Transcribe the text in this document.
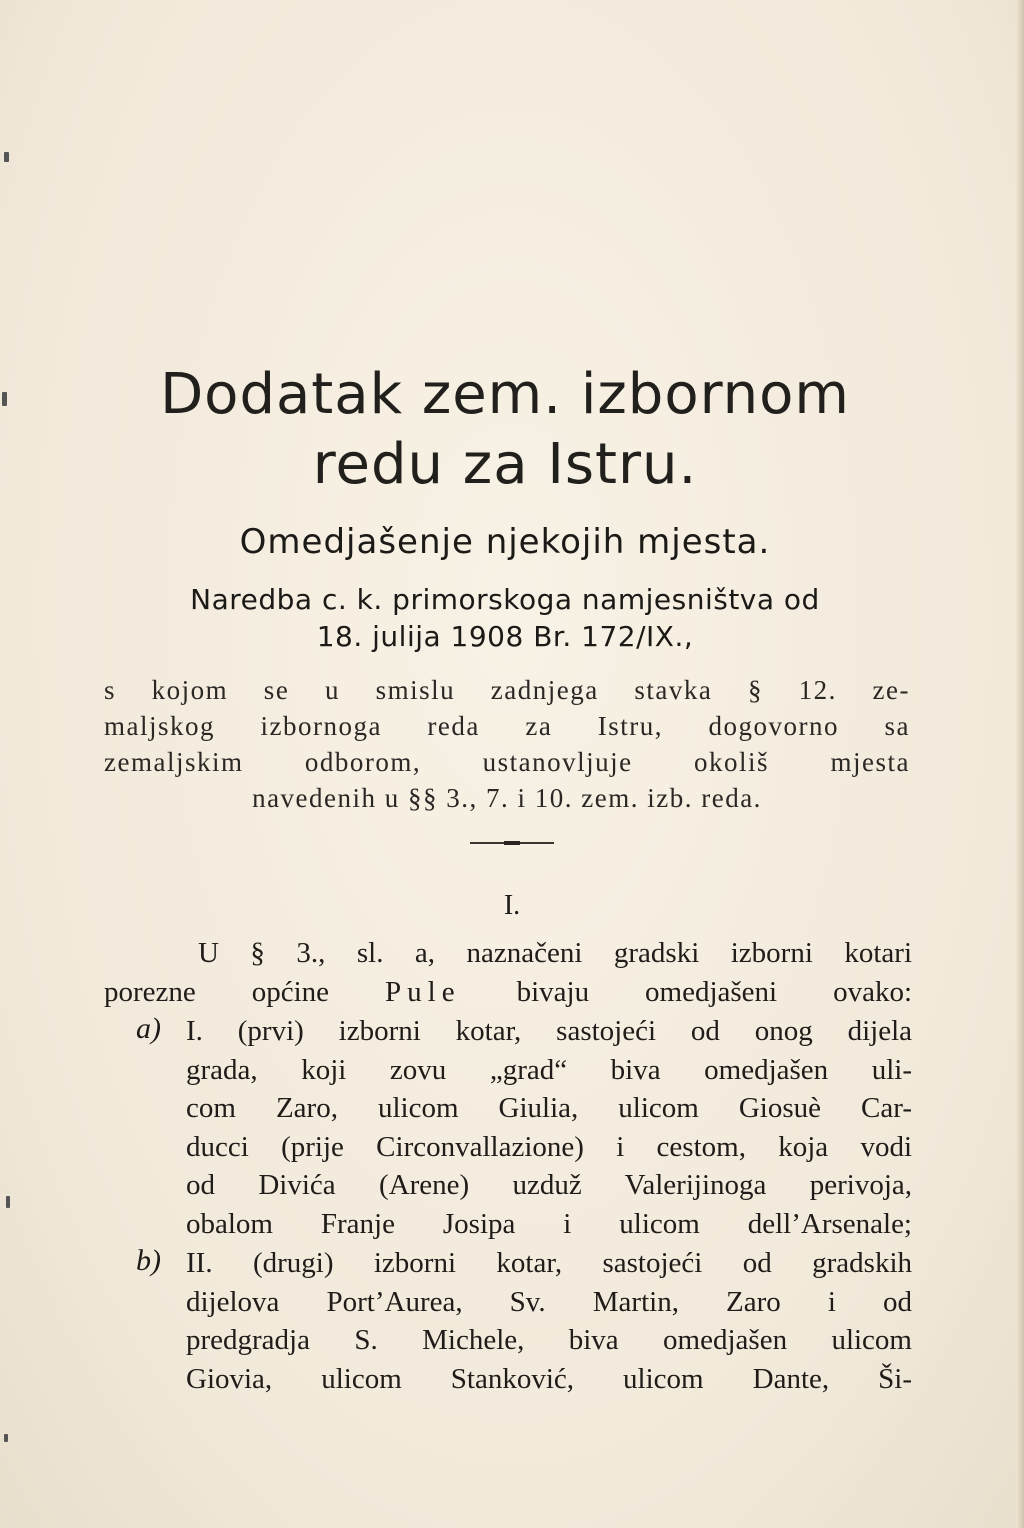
Dodatak zem. izbornom
redu za Istru.
Omedjašenje njekojih mjesta.
Naredba c. k. primorskoga namjesništva od
18. julija 1908 Br. 172/IX.,
s kojom se u smislu zadnjega stavka § 12. ze-
maljskog izbornoga reda za Istru, dogovorno sa
zemaljskim odborom, ustanovljuje okoliš mjesta
navedenih u §§ 3., 7. i 10. zem. izb. reda.
I.
U § 3., sl. a, naznačeni gradski izborni kotari
porezne općine Pule bivaju omedjašeni ovako:
a) I. (prvi) izborni kotar, sastojeći od onog dijela
grada, koji zovu „grad“ biva omedjašen uli-
com Zaro, ulicom Giulia, ulicom Giosuè Car-
ducci (prije Circonvallazione) i cestom, koja vodi
od Divića (Arene) uzduž Valerijinoga perivoja,
obalom Franje Josipa i ulicom dell’Arsenale;
b) II. (drugi) izborni kotar, sastojeći od gradskih
dijelova Port’Aurea, Sv. Martin, Zaro i od
predgradja S. Michele, biva omedjašen ulicom
Giovia, ulicom Stanković, ulicom Dante, Ši-
